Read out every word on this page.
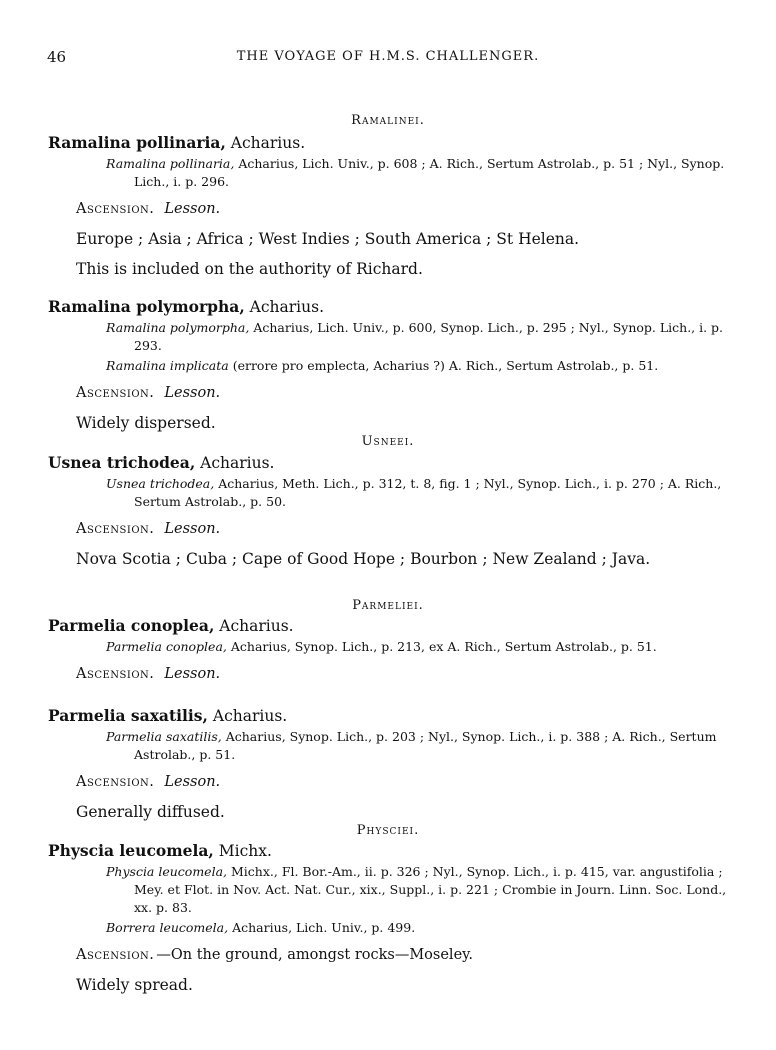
46	THE VOYAGE OF H.M.S. CHALLENGER.
Ramalinei.
Ramalina pollinaria, Acharius.
Ramalina pollinaria, Acharius, Lich. Univ., p. 608 ; A. Rich., Sertum Astrolab., p. 51 ; Nyl., Synop. Lich., i. p. 296.
Ascension. Lesson.
Europe ; Asia ; Africa ; West Indies ; South America ; St Helena.
This is included on the authority of Richard.
Ramalina polymorpha, Acharius.
Ramalina polymorpha, Acharius, Lich. Univ., p. 600, Synop. Lich., p. 295 ; Nyl., Synop. Lich., i. p. 293.
Ramalina implicata (errore pro emplecta, Acharius ?) A. Rich., Sertum Astrolab., p. 51.
Ascension. Lesson.
Widely dispersed.
Usneei.
Usnea trichodea, Acharius.
Usnea trichodea, Acharius, Meth. Lich., p. 312, t. 8, fig. 1 ; Nyl., Synop. Lich., i. p. 270 ; A. Rich., Sertum Astrolab., p. 50.
Ascension. Lesson.
Nova Scotia ; Cuba ; Cape of Good Hope ; Bourbon ; New Zealand ; Java.
Parmeliei.
Parmelia conoplea, Acharius.
Parmelia conoplea, Acharius, Synop. Lich., p. 213, ex A. Rich., Sertum Astrolab., p. 51.
Ascension. Lesson.
Parmelia saxatilis, Acharius.
Parmelia saxatilis, Acharius, Synop. Lich., p. 203 ; Nyl., Synop. Lich., i. p. 388 ; A. Rich., Sertum Astrolab., p. 51.
Ascension. Lesson.
Generally diffused.
Physciei.
Physcia leucomela, Michx.
Physcia leucomela, Michx., Fl. Bor.-Am., ii. p. 326 ; Nyl., Synop. Lich., i. p. 415, var. angustifolia ; Mey. et Flot. in Nov. Act. Nat. Cur., xix., Suppl., i. p. 221 ; Crombie in Journ. Linn. Soc. Lond., xx. p. 83.
Borrera leucomela, Acharius, Lich. Univ., p. 499.
Ascension. —On the ground, amongst rocks—Moseley.
Widely spread.
